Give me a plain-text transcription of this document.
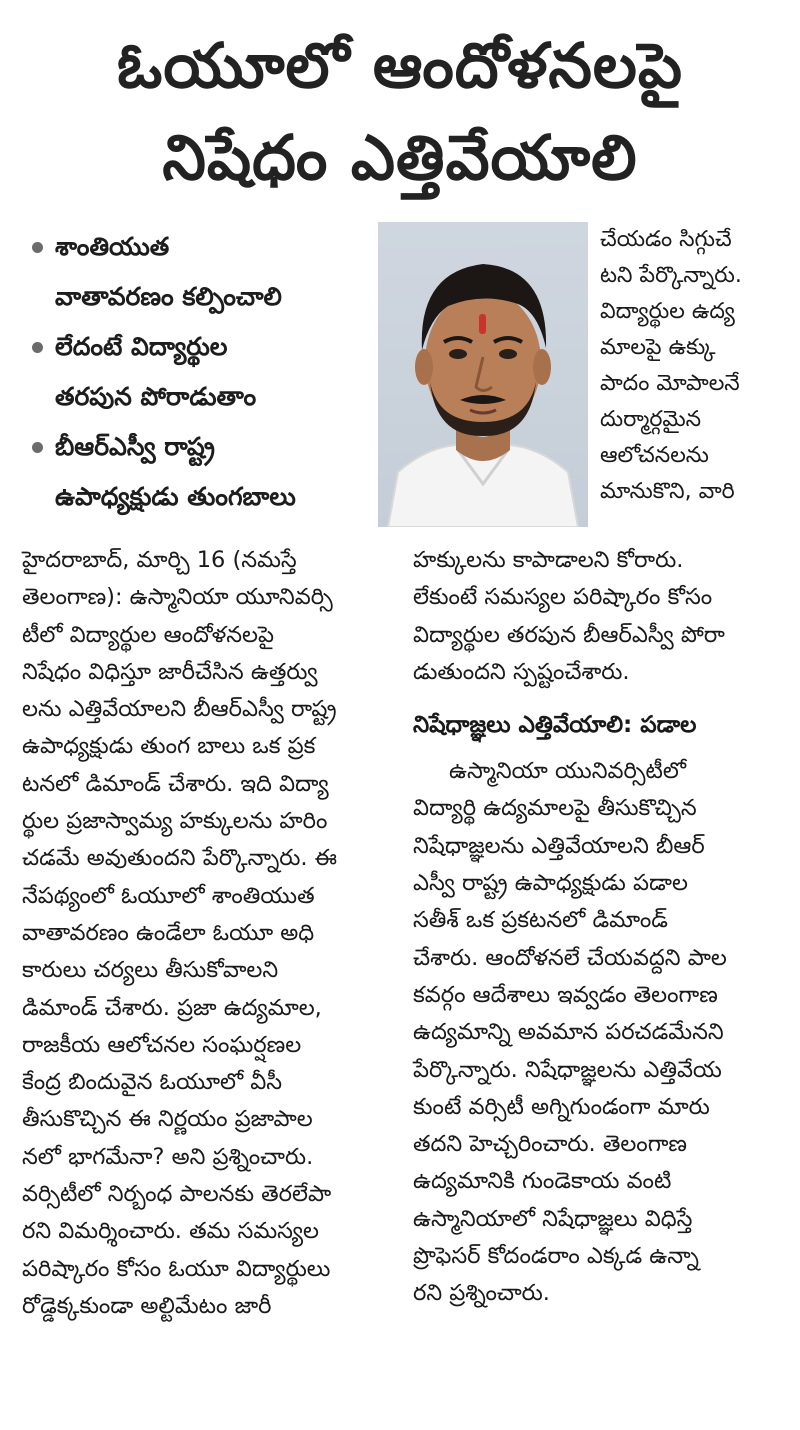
ఓయూలో ఆందోళనలపై
నిషేధం ఎత్తివేయాలి
శాంతియుత
వాతావరణం కల్పించాలి
లేదంటే విద్యార్థుల
తరపున పోరాడుతాం
బీఆర్‌ఎస్వీ రాష్ట్ర
ఉపాధ్యక్షుడు తుంగబాలు
చేయడం సిగ్గుచే
టని పేర్కొన్నారు.
విద్యార్థుల ఉద్య
మాలపై ఉక్కు
పాదం మోపాలనే
దుర్మార్గమైన
ఆలోచనలను
మానుకొని, వారి
హైదరాబాద్, మార్చి 16 (నమస్తే
తెలంగాణ): ఉస్మానియా యూనివర్సి
టీలో విద్యార్థుల ఆందోళనలపై
నిషేధం విధిస్తూ జారీచేసిన ఉత్తర్వు
లను ఎత్తివేయాలని బీఆర్‌ఎస్వీ రాష్ట్ర
ఉపాధ్యక్షుడు తుంగ బాలు ఒక ప్రక
టనలో డిమాండ్ చేశారు. ఇది విద్యా
ర్థుల ప్రజాస్వామ్య హక్కులను హరిం
చడమే అవుతుందని పేర్కొన్నారు. ఈ
నేపథ్యంలో ఓయూలో శాంతియుత
వాతావరణం ఉండేలా ఓయూ అధి
కారులు చర్యలు తీసుకోవాలని
డిమాండ్ చేశారు. ప్రజా ఉద్యమాల,
రాజకీయ ఆలోచనల సంఘర్షణల
కేంద్ర బిందువైన ఓయూలో వీసీ
తీసుకొచ్చిన ఈ నిర్ణయం ప్రజాపాల
నలో భాగమేనా? అని ప్రశ్నించారు.
వర్సిటీలో నిర్బంధ పాలనకు తెరలేపా
రని విమర్శించారు. తమ సమస్యల
పరిష్కారం కోసం ఓయూ విద్యార్థులు
రోడ్డెక్కకుండా అల్టిమేటం జారీ
హక్కులను కాపాడాలని కోరారు.
లేకుంటే సమస్యల పరిష్కారం కోసం
విద్యార్థుల తరపున బీఆర్‌ఎస్వీ పోరా
డుతుందని స్పష్టంచేశారు.
నిషేధాజ్ఞలు ఎత్తివేయాలి: పడాల
ఉస్మానియా యునివర్సిటీలో
విద్యార్థి ఉద్యమాలపై తీసుకొచ్చిన
నిషేధాజ్ఞలను ఎత్తివేయాలని బీఆర్
ఎస్వీ రాష్ట్ర ఉపాధ్యక్షుడు పడాల
సతీశ్ ఒక ప్రకటనలో డిమాండ్
చేశారు. ఆందోళనలే చేయవద్దని పాల
కవర్గం ఆదేశాలు ఇవ్వడం తెలంగాణ
ఉద్యమాన్ని అవమాన పరచడమేనని
పేర్కొన్నారు. నిషేధాజ్ఞలను ఎత్తివేయ
కుంటే వర్సిటీ అగ్నిగుండంగా మారు
తదని హెచ్చరించారు. తెలంగాణ
ఉద్యమానికి గుండెకాయ వంటి
ఉస్మానియాలో నిషేధాజ్ఞలు విధిస్తే
ప్రొఫెసర్ కోదండరాం ఎక్కడ ఉన్నా
రని ప్రశ్నించారు.
